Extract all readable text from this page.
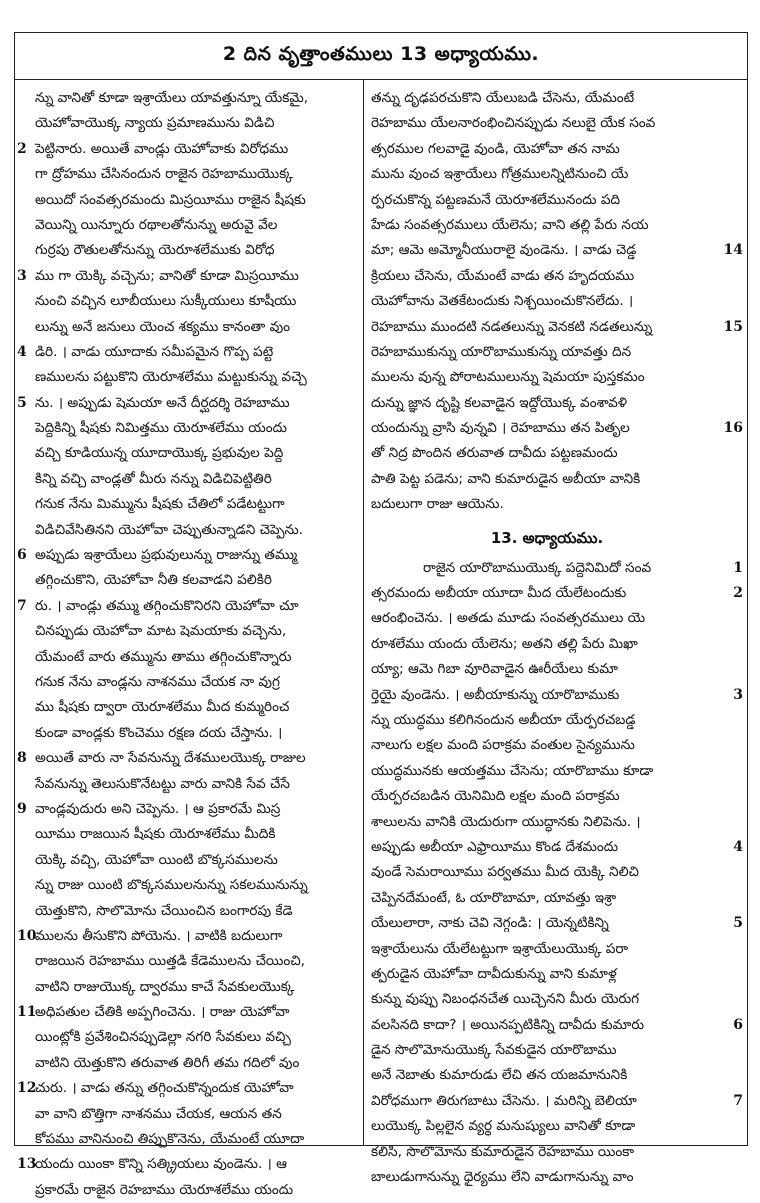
2 దిన వృత్తాంతములు 13 అధ్యాయము.
న్ను వానితో కూడా ఇశ్రాయేలు యావత్తున్నూ యేకమై,
యెహోవాయొక్క న్యాయ ప్రమాణమును విడిచి
2 పెట్టినారు. అయితే వాండ్లు యెహోవాకు విరోధము
గా ద్రోహము చేసినందున రాజైన రెహబాముయొక్క
అయిదో సంవత్సరమందు మిస్రయీము రాజైన షీషకు
వెయిన్ని యిన్నూరు రథాలతోనున్ను అరువై వేల
గుర్రపు రౌతులతోనున్ను యెరూశలేముకు విరోధ
3 ము గా యెక్కి వచ్చెను; వానితో కూడా మిస్రయీము
నుంచి వచ్చిన లూబీయులు సుక్కీయులు కూషీయు
లున్ను అనే జనులు యెంచ శక్యము కానంతా వుం
4 డిరి. । వాడు యూదాకు సమీపమైన గొప్ప పట్టె
ణములను పట్టుకొని యెరూశలేము మట్టుకున్ను వచ్చె
5 ను. । అప్పుడు షెమయా అనే దీర్ఘదర్శి రెహబాము
పెద్దికిన్ని షీషకు నిమిత్తము యెరూశలేము యందు
వచ్చి కూడియున్న యూదాయొక్క ప్రభువుల పెద్ది
కిన్ని వచ్చి వాండ్లతో మీరు నన్ను విడిచిపెట్టితిరి
గనుక నేను మిమ్మును షీషకు చేతిలో పడేటట్టుగా
విడిచివేసితినని యెహోవా చెప్పుతున్నాడని చెప్పెను.
6 అప్పుడు ఇశ్రాయేలు ప్రభువులున్ను రాజున్ను తమ్ము
తగ్గించుకొని, యెహోవా నీతి కలవాడని పలికిరి
7 రు. । వాండ్లు తమ్ము తగ్గించుకొనిరని యెహోవా చూ
చినప్పుడు యెహోవా మాట షెమయాకు వచ్చెను,
యేమంటే వారు తమ్మును తాము తగ్గించుకొన్నారు
గనుక నేను వాండ్లను నాశనము చేయక నా వుగ్ర
ము షీషకు ద్వారా యెరూశలేము మీద కుమ్మరించ
కుండా వాండ్లకు కొంచెము రక్షణ దయ చేస్తాను. ।
8 అయితే వారు నా సేవనున్ను దేశములయొక్క రాజుల
సేవనున్ను తెలుసుకొనేటట్టు వారు వానికి సేవ చేసే
9 వాండ్లవుదురు అని చెప్పెను. । ఆ ప్రకారమే మిస్ర
యీము రాజయిన షీషకు యెరూశలేము మీదికి
యెక్కి వచ్చి, యెహోవా యింటి బొక్కసములను
న్ను రాజు యింటి బొక్కసములనున్ను సకలమునున్ను
యెత్తుకొని, సొలొమోను చేయించిన బంగారపు కేడె
10
ములను తీసుకొని పోయెను. । వాటికి బదులుగా
రాజయిన రెహబాము యిత్తడి కేడెములను చేయించి,
వాటిని రాజుయొక్క ద్వారము కాచే సేవకులయొక్క
11
అధిపతుల చేతికి అప్పగించెను. । రాజు యెహోవా
యింట్లోకి ప్రవేశించినప్పుడెల్లా నగరి సేవకులు వచ్చి
వాటిని యెత్తుకొని తరువాత తిరిగీ తమ గదిలో వుం
12
చురు. । వాడు తన్ను తగ్గించుకొన్నందుక యెహోవా
వా వాని బొత్తిగా నాశనము చేయక, ఆయన తన
కోపము వానినుంచి తిప్పుకొనెను, యేమంటే యూదా
13
యందు యింకా కొన్ని సత్క్రియలు వుండెను. । ఆ
ప్రకారమే రాజైన రెహబాము యెరూశలేము యందు
తన్ను దృఢపరచుకొని యేలుబడి చేసెను, యేమంటే
రెహబాము యేలనారంభించినప్పుడు నలుబై యేక సంవ
త్సరముల గలవాడై వుండి, యెహోవా తన నామ
మును వుంచ ఇశ్రాయేలు గోత్రములన్నిటినుంచి యే
ర్పరచుకొన్న పట్టణమనే యెరూశలేమునందు పది
హేడు సంవత్సరములు యేలెను; వాని తల్లి పేరు నయ
14
మా; ఆమె అమ్మోనీయురాలై వుండెను. । వాడు చెడ్డ
క్రియలు చేసెను, యేమంటే వాడు తన హృదయము
యెహోవాను వెతకేటందుకు నిశ్చయించుకొనలేదు. ।
15
రెహబాము ముందటి నడతలున్ను వెనకటి నడతలున్ను
రెహబాముకున్ను యారొబాముకున్ను యావత్తు దిన
ములను వున్న పోరాటములున్ను షెమయా పుస్తకమం
దున్ను జ్ఞాన దృష్టి కలవాడైన ఇద్దోయొక్క వంశావళి
16
యందున్ను వ్రాసి వున్నవి । రెహబాము తన పితృల
తో నిద్ర పొందిన తరువాత దావీదు పట్టణమందు
పాతి పెట్ట పడెను; వాని కుమారుడైన అబీయా వానికి
బదులుగా రాజు ఆయెను.
13. అధ్యాయము.
1
రాజైన యారొబాముయొక్క పద్దెనిమిదో సంవ
2
త్సరమందు అబీయా యూదా మీద యేలేటందుకు
ఆరంభించెను. । అతడు మూడు సంవత్సరములు యె
రూశలేము యందు యేలెను; అతని తల్లి పేరు మిఖా
య్యా; ఆమె గిబా వూరివాడైన ఊరీయేలు కుమా
3
ర్తెయై వుండెను. । అబీయాకున్ను యారొబాముకు
న్ను యుద్ధము కలిగినందున అబీయా యేర్పరచబడ్డ
నాలుగు లక్షల మంది పరాక్రమ వంతుల సైన్యమును
యుద్ధమునకు ఆయత్తము చేసెను; యారొబాము కూడా
యేర్పరచబడిన యెనిమిది లక్షల మంది పరాక్రమ
శాలులను వానికి యెదురుగా యుద్ధానకు నిలిపెను. ।
4
అప్పుడు అబీయా ఎఫ్రాయీము కొండ దేశమందు
వుండే సెమరాయీము పర్వతము మీద యెక్కి నిలిచి
చెప్పినదేమంటే, ఓ యారొబామా, యావత్తు ఇశ్రా
5
యేలులారా, నాకు చెవి నెగ్గండి: । యెన్నటికిన్ని
ఇశ్రాయేలును యేలేటట్టుగా ఇశ్రాయేలుయొక్క పరా
త్పరుడైన యెహోవా దావీదుకున్ను వాని కుమాళ్ల
కున్ను వుప్పు నిబంధనచేత యిచ్చెనని మీరు యెరుగ
6
వలసినది కాదా? । అయినప్పటికిన్ని దావీదు కుమారు
డైన సొలొమోనుయొక్క సేవకుడైన యారొబాము
అనే నెబాతు కుమారుడు లేచి తన యజమానునికి
7
విరోధముగా తిరుగబాటు చేసెను. । మరిన్ని బెలియా
లుయొక్క పిల్లలైన వ్యర్థ మనుష్యులు వానితో కూడా
కలిసి, సొలొమోను కుమారుడైన రెహబాము యింకా
బాలుడుగానున్ను ధైర్యము లేని వాడుగానున్ను వాం
